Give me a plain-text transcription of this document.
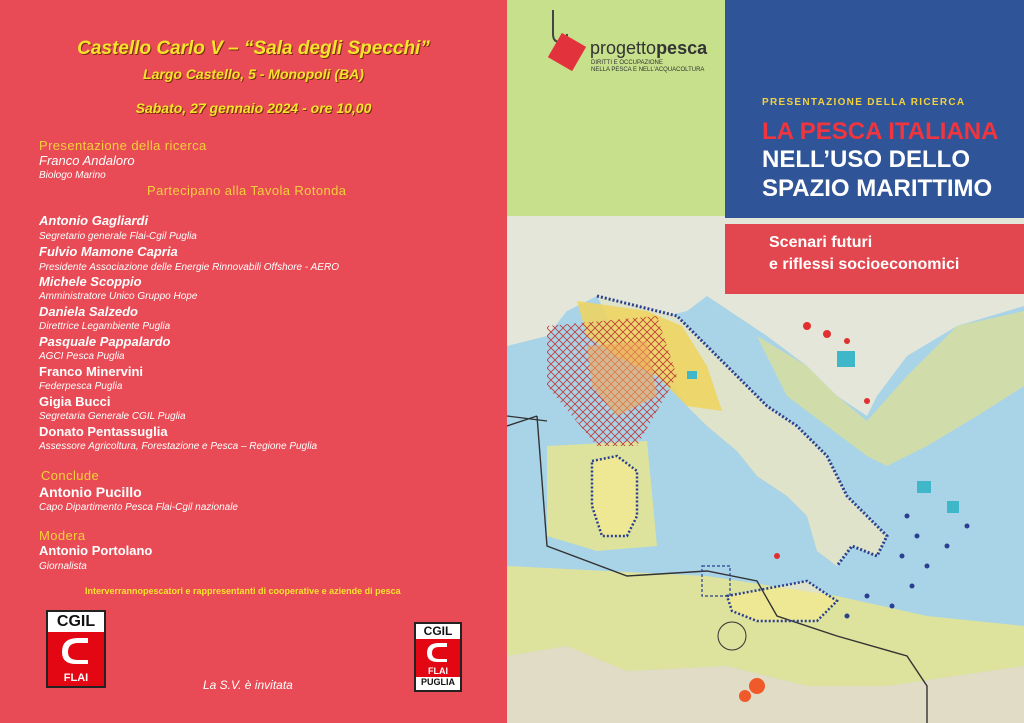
Castello Carlo V – “Sala degli Specchi”
Largo Castello, 5 - Monopoli (BA)
Sabato, 27 gennaio 2024 - ore 10,00
Presentazione della ricerca
Franco Andaloro
Biologo Marino
Partecipano alla Tavola Rotonda
Antonio Gagliardi
Segretario generale Flai-Cgil Puglia
Fulvio Mamone Capria
Presidente Associazione delle Energie Rinnovabili Offshore - AERO
Michele Scoppio
Amministratore Unico Gruppo Hope
Daniela Salzedo
Direttrice Legambiente Puglia
Pasquale Pappalardo
AGCI Pesca Puglia
Franco Minervini
Federpesca Puglia
Gigia Bucci
Segretaria Generale CGIL Puglia
Donato Pentassuglia
Assessore Agricoltura, Forestazione e Pesca – Regione Puglia
Conclude
Antonio Pucillo
Capo Dipartimento Pesca Flai-Cgil nazionale
Modera
Antonio Portolano
Giornalista
Interverrannopescatori e rappresentanti di cooperative e aziende di pesca
CGIL
FLAI	La S.V. è invitata
CGIL
FLAI
PUGLIA
progettopesca
DIRITTI E OCCUPAZIONE
NELLA PESCA E NELL'ACQUACOLTURA
PRESENTAZIONE DELLA RICERCA
LA PESCA ITALIANA
NELL’USO DELLO
SPAZIO MARITTIMO
Scenari futuri
e riflessi socioeconomici
